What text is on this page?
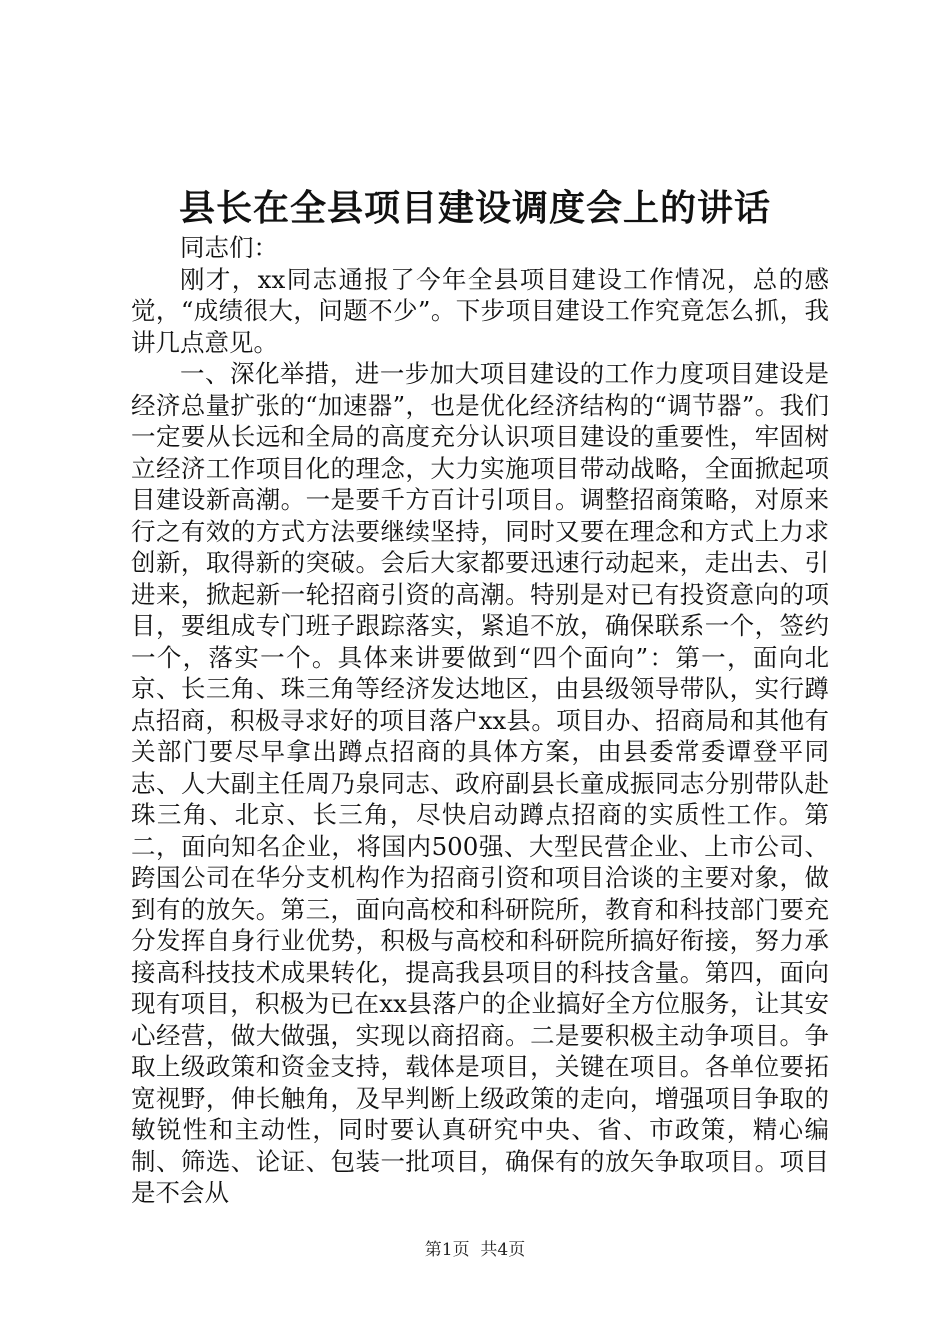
县长在全县项目建设调度会上的讲话

同志们：

刚才，xx同志通报了今年全县项目建设工作情况，总的感觉，“成绩很大，问题不少”。下步项目建设工作究竟怎么抓，我讲几点意见。

一、深化举措，进一步加大项目建设的工作力度项目建设是经济总量扩张的“加速器”，也是优化经济结构的“调节器”。我们一定要从长远和全局的高度充分认识项目建设的重要性，牢固树立经济工作项目化的理念，大力实施项目带动战略，全面掀起项目建设新高潮。一是要千方百计引项目。调整招商策略，对原来行之有效的方式方法要继续坚持，同时又要在理念和方式上力求创新，取得新的突破。会后大家都要迅速行动起来，走出去、引进来，掀起新一轮招商引资的高潮。特别是对已有投资意向的项目，要组成专门班子跟踪落实，紧追不放，确保联系一个，签约一个，落实一个。具体来讲要做到“四个面向”：第一，面向北京、长三角、珠三角等经济发达地区，由县级领导带队，实行蹲点招商，积极寻求好的项目落户xx县。项目办、招商局和其他有关部门要尽早拿出蹲点招商的具体方案，由县委常委谭登平同志、人大副主任周乃泉同志、政府副县长童成振同志分别带队赴珠三角、北京、长三角，尽快启动蹲点招商的实质性工作。第二，面向知名企业，将国内500强、大型民营企业、上市公司、跨国公司在华分支机构作为招商引资和项目洽谈的主要对象，做到有的放矢。第三，面向高校和科研院所，教育和科技部门要充分发挥自身行业优势，积极与高校和科研院所搞好衔接，努力承接高科技技术成果转化，提高我县项目的科技含量。第四，面向现有项目，积极为已在xx县落户的企业搞好全方位服务，让其安心经营，做大做强，实现以商招商。二是要积极主动争项目。争取上级政策和资金支持，载体是项目，关键在项目。各单位要拓宽视野，伸长触角，及早判断上级政策的走向，增强项目争取的敏锐性和主动性，同时要认真研究中央、省、市政策，精心编制、筛选、论证、包装一批项目，确保有的放矢争取项目。项目是不会从

第1页  共4页
